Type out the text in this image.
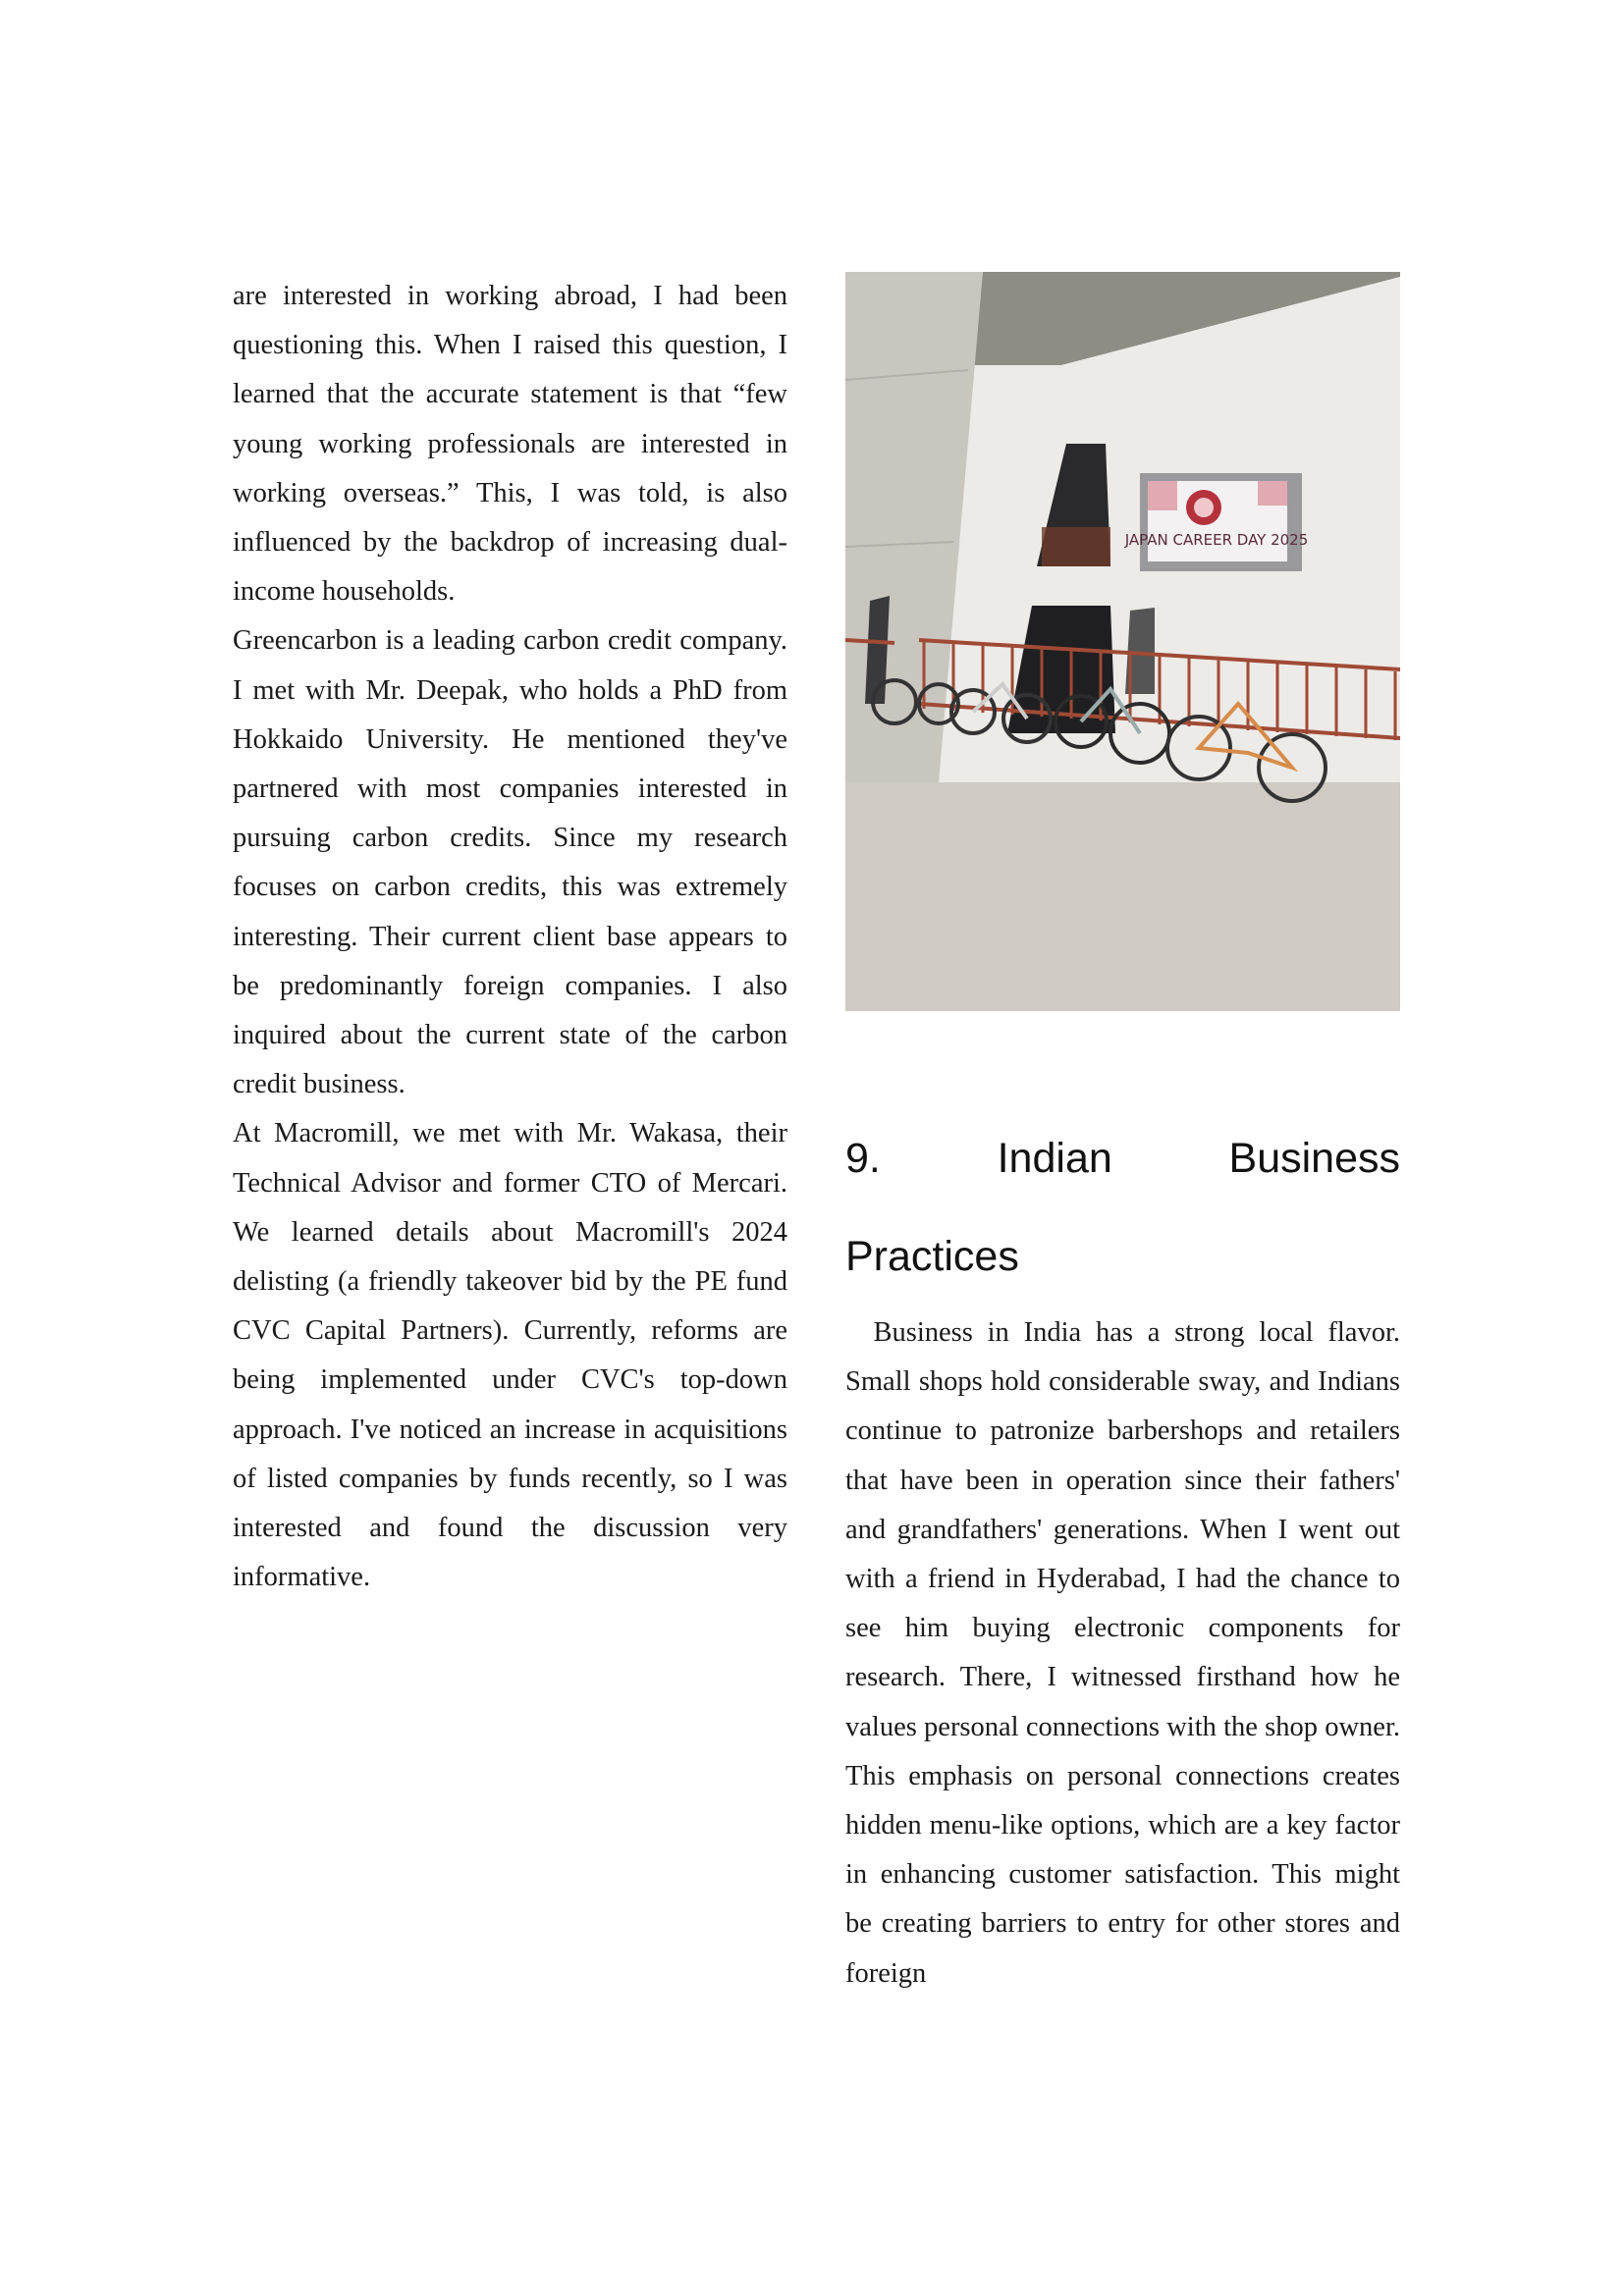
are interested in working abroad, I had been questioning this. When I raised this question, I learned that the accurate statement is that “few young working professionals are interested in working overseas.” This, I was told, is also influenced by the backdrop of increasing dual-income households.

Greencarbon is a leading carbon credit company. I met with Mr. Deepak, who holds a PhD from Hokkaido University. He mentioned they've partnered with most companies interested in pursuing carbon credits. Since my research focuses on carbon credits, this was extremely interesting. Their current client base appears to be predominantly foreign companies. I also inquired about the current state of the carbon credit business.

At Macromill, we met with Mr. Wakasa, their Technical Advisor and former CTO of Mercari. We learned details about Macromill's 2024 delisting (a friendly takeover bid by the PE fund CVC Capital Partners). Currently, reforms are being implemented under CVC's top-down approach. I've noticed an increase in acquisitions of listed companies by funds recently, so I was interested and found the discussion very informative.

JAPAN CAREER DAY 2025
9.	Indian	Business
Practices

Business in India has a strong local flavor. Small shops hold considerable sway, and Indians continue to patronize barbershops and retailers that have been in operation since their fathers' and grandfathers' generations. When I went out with a friend in Hyderabad, I had the chance to see him buying electronic components for research. There, I witnessed firsthand how he values personal connections with the shop owner. This emphasis on personal connections creates hidden menu-like options, which are a key factor in enhancing customer satisfaction. This might be creating barriers to entry for other stores and foreign
